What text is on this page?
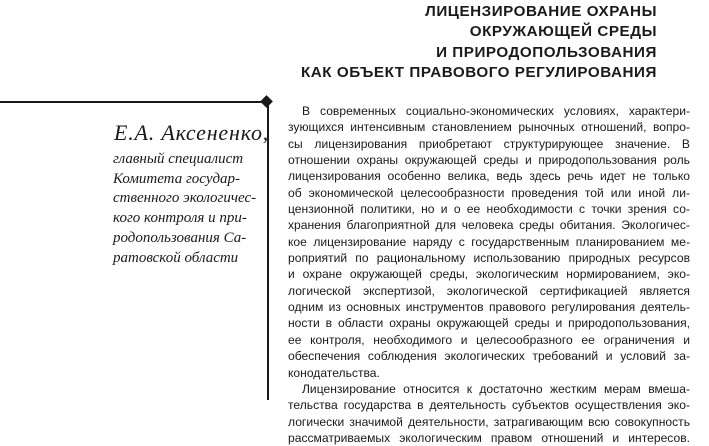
ЛИЦЕНЗИРОВАНИЕ ОХРАНЫ
ОКРУЖАЮЩЕЙ СРЕДЫ
И ПРИРОДОПОЛЬЗОВАНИЯ
КАК ОБЪЕКТ ПРАВОВОГО РЕГУЛИРОВАНИЯ
Е.А. Аксененко,
главный специалист
Комитета государ-
ственного экологичес-
кого контроля и при-
родопользования Са-
ратовской области
В современных социально-экономических условиях, характери-
зующихся интенсивным становлением рыночных отношений, вопро-
сы лицензирования приобретают структурирующее значение. В
отношении охраны окружающей среды и природопользования роль
лицензирования особенно велика, ведь здесь речь идет не только
об экономической целесообразности проведения той или иной ли-
цензионной политики, но и о ее необходимости с точки зрения со-
хранения благоприятной для человека среды обитания. Экологичес-
кое лицензирование наряду с государственным планированием ме-
роприятий по рациональному использованию природных ресурсов
и охране окружающей среды, экологическим нормированием, эко-
логической экспертизой, экологической сертификацией является
одним из основных инструментов правового регулирования деятель-
ности в области охраны окружающей среды и природопользования,
ее контроля, необходимого и целесообразного ее ограничения и
обеспечения соблюдения экологических требований и условий за-
конодательства.
Лицензирование относится к достаточно жестким мерам вмеша-
тельства государства в деятельность субъектов осуществления эко-
логически значимой деятельности, затрагивающим всю совокупность
рассматриваемых экологическим правом отношений и интересов.
